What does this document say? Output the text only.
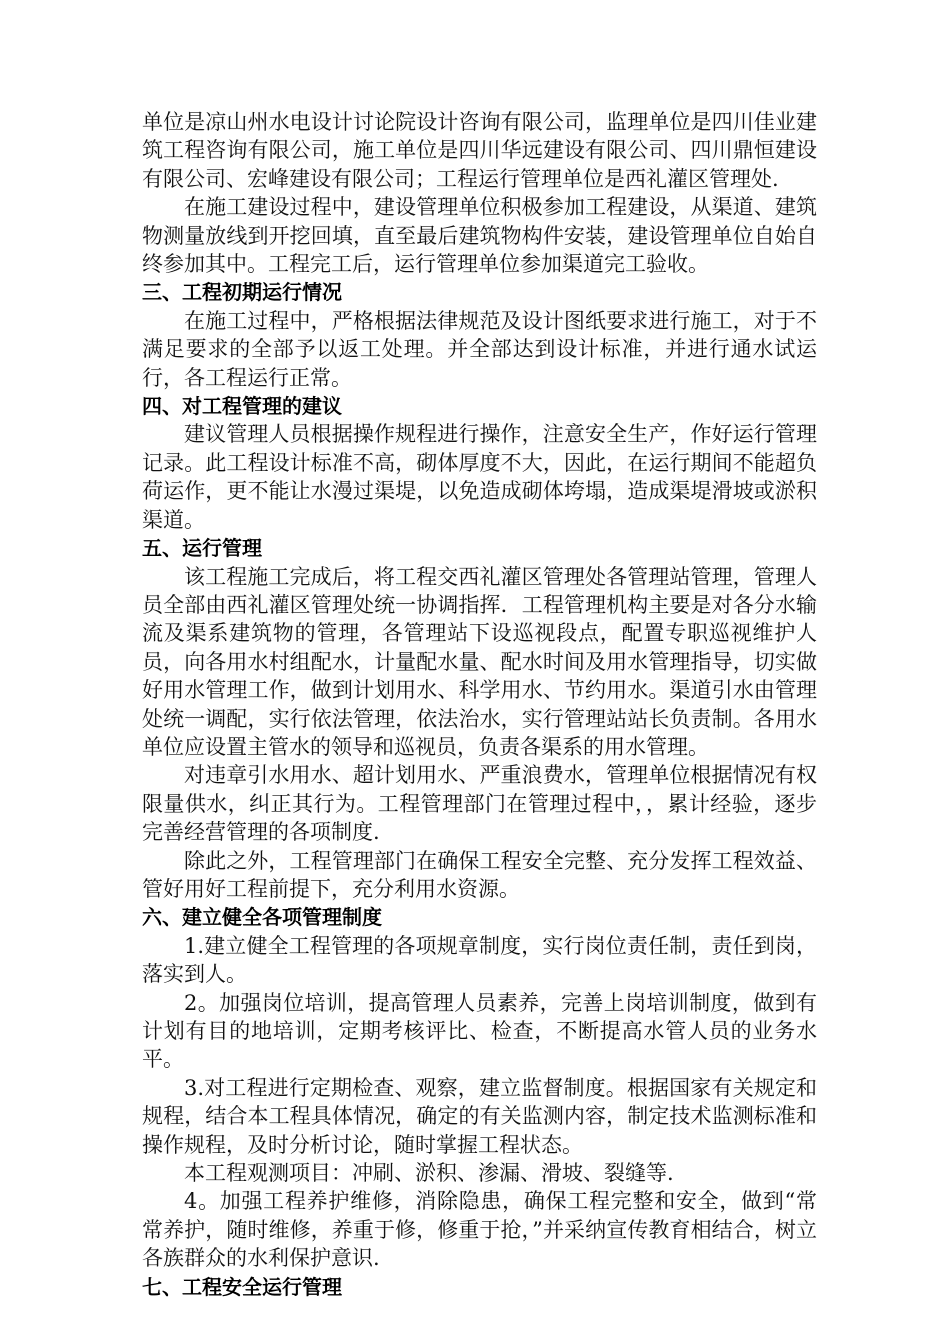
单位是凉山州水电设计讨论院设计咨询有限公司，监理单位是四川佳业建筑工程咨询有限公司，施工单位是四川华远建设有限公司、四川鼎恒建设有限公司、宏峰建设有限公司；工程运行管理单位是西礼灌区管理处.

在施工建设过程中，建设管理单位积极参加工程建设，从渠道、建筑物测量放线到开挖回填，直至最后建筑物构件安装，建设管理单位自始自终参加其中。工程完工后，运行管理单位参加渠道完工验收。

三、工程初期运行情况

在施工过程中，严格根据法律规范及设计图纸要求进行施工，对于不满足要求的全部予以返工处理。并全部达到设计标准，并进行通水试运行，各工程运行正常。

四、对工程管理的建议

建议管理人员根据操作规程进行操作，注意安全生产，作好运行管理记录。此工程设计标准不高，砌体厚度不大，因此，在运行期间不能超负荷运作，更不能让水漫过渠堤，以免造成砌体垮塌，造成渠堤滑坡或淤积渠道。

五、运行管理

该工程施工完成后，将工程交西礼灌区管理处各管理站管理，管理人员全部由西礼灌区管理处统一协调指挥．工程管理机构主要是对各分水输流及渠系建筑物的管理，各管理站下设巡视段点，配置专职巡视维护人员，向各用水村组配水，计量配水量、配水时间及用水管理指导，切实做好用水管理工作，做到计划用水、科学用水、节约用水。渠道引水由管理处统一调配，实行依法管理，依法治水，实行管理站站长负责制。各用水单位应设置主管水的领导和巡视员，负责各渠系的用水管理。

对违章引水用水、超计划用水、严重浪费水，管理单位根据情况有权限量供水，纠正其行为。工程管理部门在管理过程中，，累计经验，逐步完善经营管理的各项制度.

除此之外，工程管理部门在确保工程安全完整、充分发挥工程效益、管好用好工程前提下，充分利用水资源。

六、建立健全各项管理制度

1.建立健全工程管理的各项规章制度，实行岗位责任制，责任到岗，落实到人。

2。加强岗位培训，提高管理人员素养，完善上岗培训制度，做到有计划有目的地培训，定期考核评比、检查，不断提高水管人员的业务水平。

3.对工程进行定期检查、观察，建立监督制度。根据国家有关规定和规程，结合本工程具体情况，确定的有关监测内容，制定技术监测标准和操作规程，及时分析讨论，随时掌握工程状态。

本工程观测项目：冲刷、淤积、渗漏、滑坡、裂缝等.

4。加强工程养护维修，消除隐患，确保工程完整和安全，做到“常常养护，随时维修，养重于修，修重于抢，”并采纳宣传教育相结合，树立各族群众的水利保护意识.

七、工程安全运行管理
